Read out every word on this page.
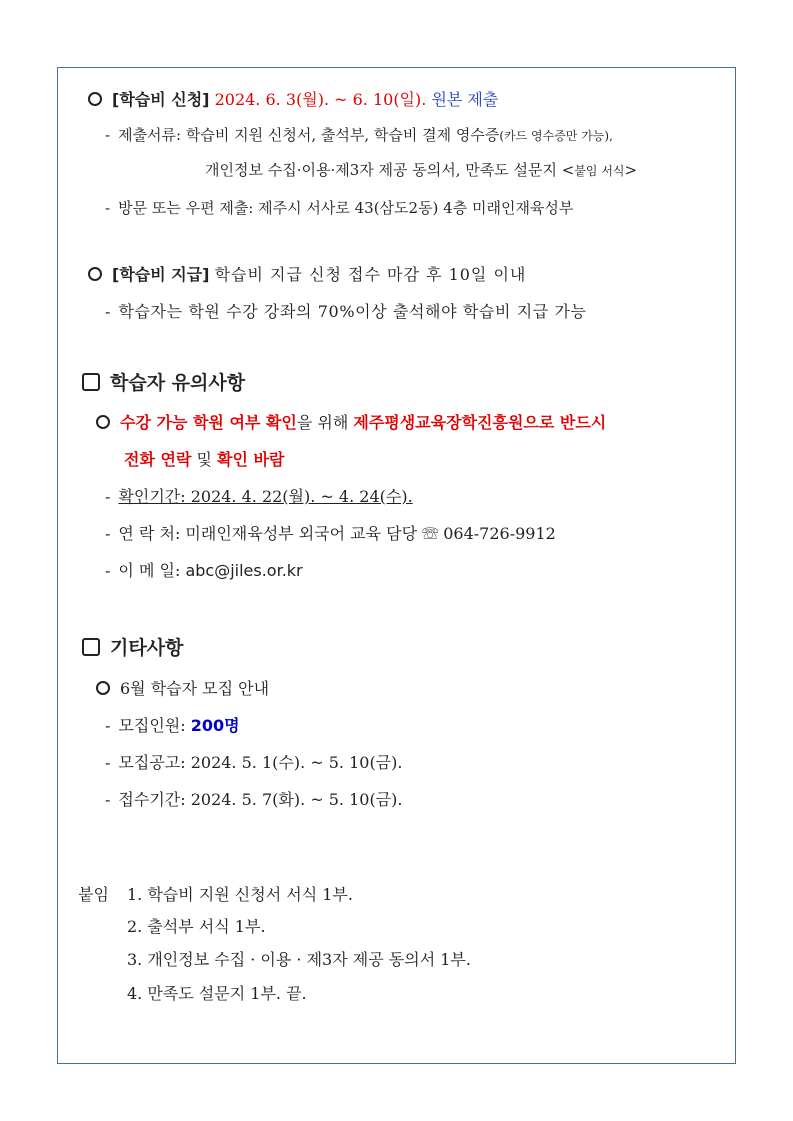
[학습비 신청] 2024. 6. 3(월). ~ 6. 10(일). 원본 제출
- 제출서류: 학습비 지원 신청서, 출석부, 학습비 결제 영수증(카드 영수증만 가능),
개인정보 수집·이용·제3자 제공 동의서, 만족도 설문지 <붙임 서식>
- 방문 또는 우편 제출: 제주시 서사로 43(삼도2동) 4층 미래인재육성부
[학습비 지급] 학습비 지급 신청 접수 마감 후 10일 이내
- 학습자는 학원 수강 강좌의 70%이상 출석해야 학습비 지급 가능
학습자 유의사항
수강 가능 학원 여부 확인을 위해 제주평생교육장학진흥원으로 반드시
전화 연락 및 확인 바람
- 확인기간: 2024. 4. 22(월). ~ 4. 24(수).
- 연 락 처: 미래인재육성부 외국어 교육 담당 ☏ 064-726-9912
- 이 메 일: abc@jiles.or.kr
기타사항
6월 학습자 모집 안내
- 모집인원: 200명
- 모집공고: 2024. 5. 1(수). ~ 5. 10(금).
- 접수기간: 2024. 5. 7(화). ~ 5. 10(금).
붙임 1. 학습비 지원 신청서 서식 1부.
2. 출석부 서식 1부.
3. 개인정보 수집 · 이용 · 제3자 제공 동의서 1부.
4. 만족도 설문지 1부. 끝.
